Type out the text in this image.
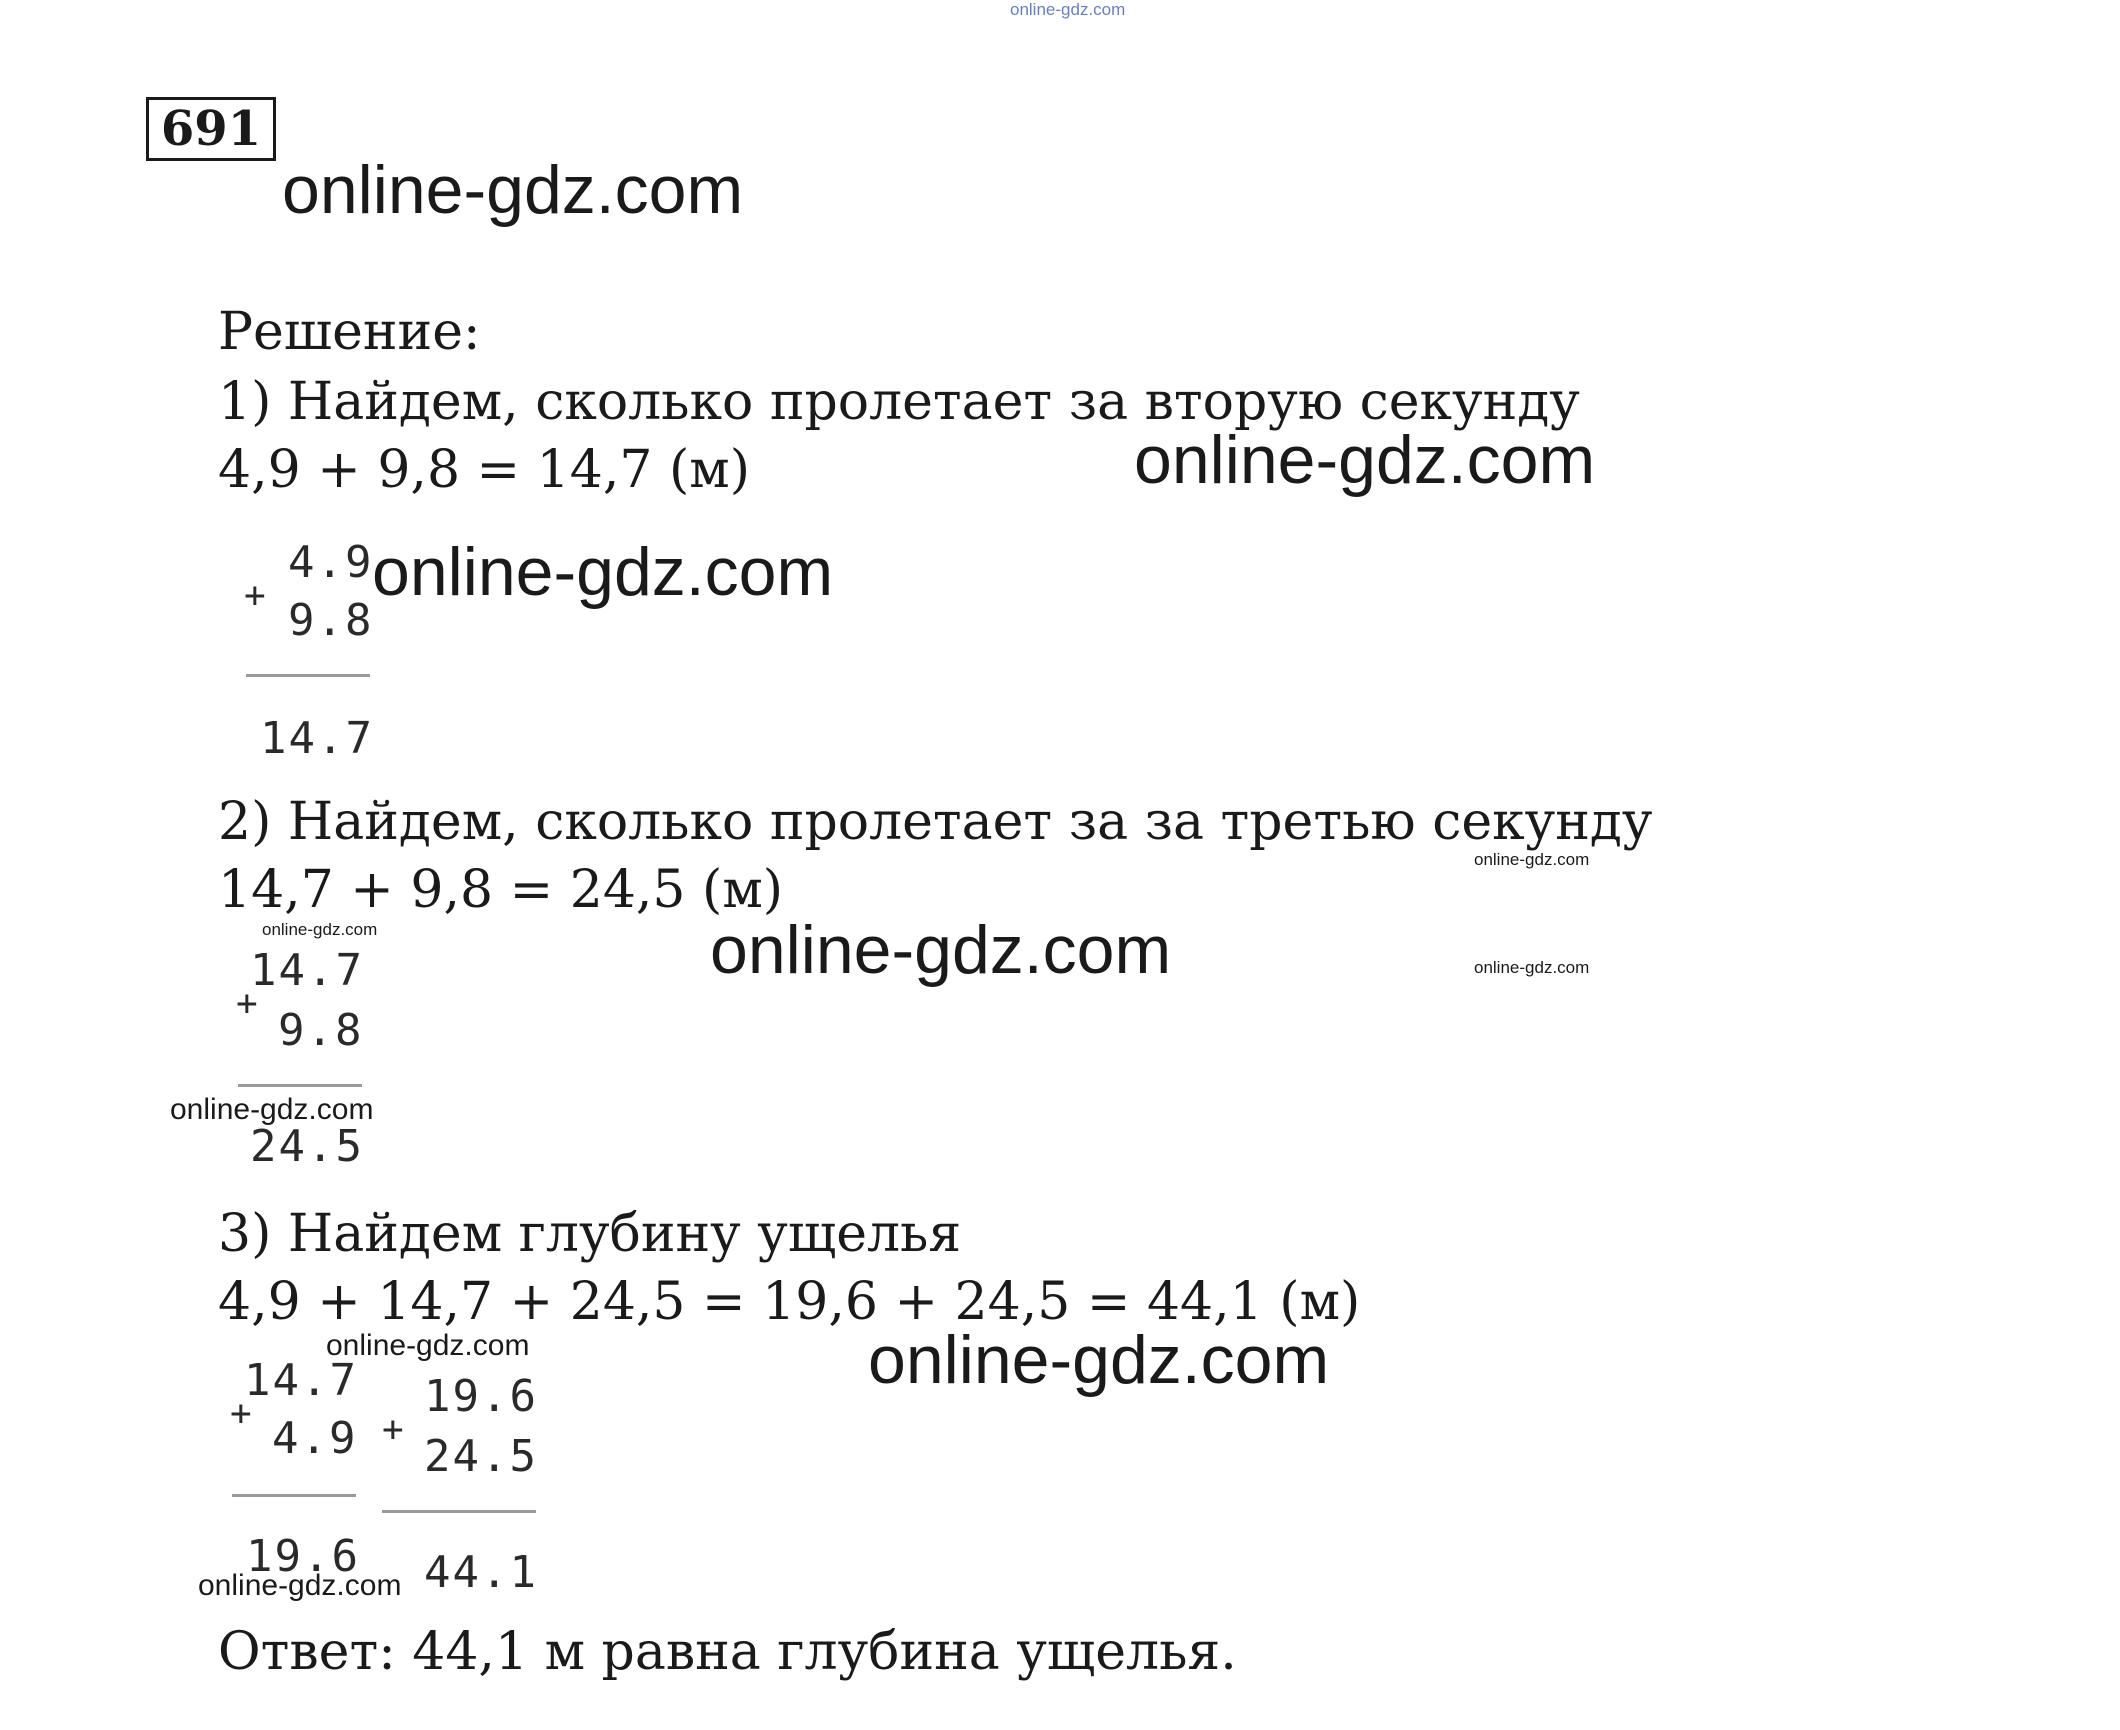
online-gdz.com
691
online-gdz.com
Решение:
1) Найдем, сколько пролетает за вторую секунду
4,9 + 9,8 = 14,7 (м)	online-gdz.com
4.9
+ 9.8
14.7
online-gdz.com
2) Найдем, сколько пролетает за за третью секунду
online-gdz.com
14,7 + 9,8 = 24,5 (м)
online-gdz.com	online-gdz.com	online-gdz.com
14.7
+
9.8
24.5
online-gdz.com
3) Найдем глубину ущелья
4,9 + 14,7 + 24,5 = 19,6 + 24,5 = 44,1 (м)
online-gdz.com	online-gdz.com
14.7
+ 4.9
19.6
19.6
+
24.5
44.1
online-gdz.com
Ответ: 44,1 м равна глубина ущелья.
